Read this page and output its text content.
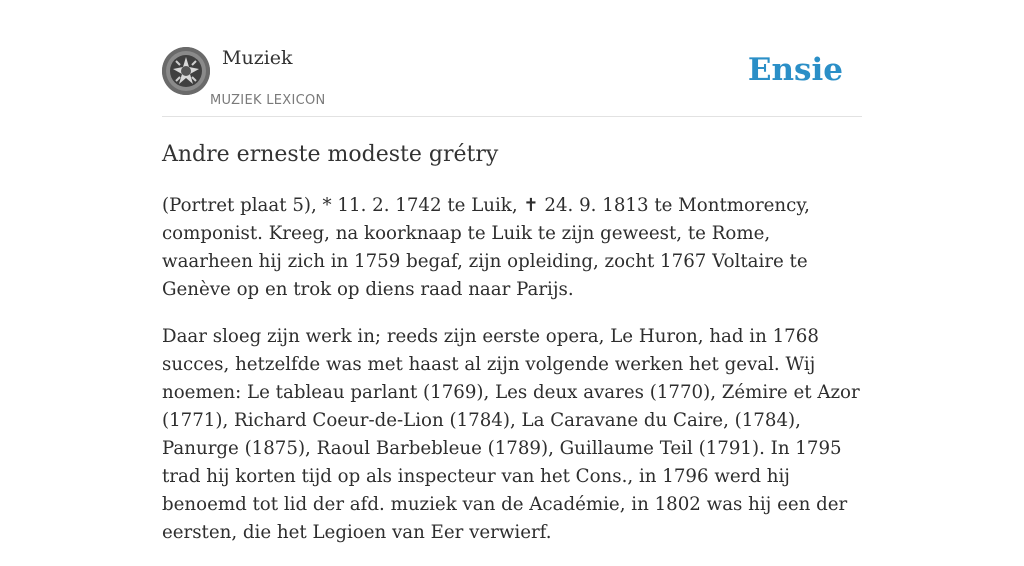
Muziek
MUZIEK LEXICON
Ensie
Andre erneste modeste grétry

(Portret plaat 5), * 11. 2. 1742 te Luik, ✝ 24. 9. 1813 te Montmorency, componist. Kreeg, na koorknaap te Luik te zijn geweest, te Rome, waarheen hij zich in 1759 begaf, zijn opleiding, zocht 1767 Voltaire te Genève op en trok op diens raad naar Parijs.

Daar sloeg zijn werk in; reeds zijn eerste opera, Le Huron, had in 1768 succes, hetzelfde was met haast al zijn volgende werken het geval. Wij noemen: Le tableau parlant (1769), Les deux avares (1770), Zémire et Azor (1771), Richard Coeur-de-Lion (1784), La Caravane du Caire, (1784), Panurge (1875), Raoul Barbebleue (1789), Guillaume Teil (1791). In 1795 trad hij korten tijd op als inspecteur van het Cons., in 1796 werd hij benoemd tot lid der afd. muziek van de Académie, in 1802 was hij een der eersten, die het Legioen van Eer verwierf.
